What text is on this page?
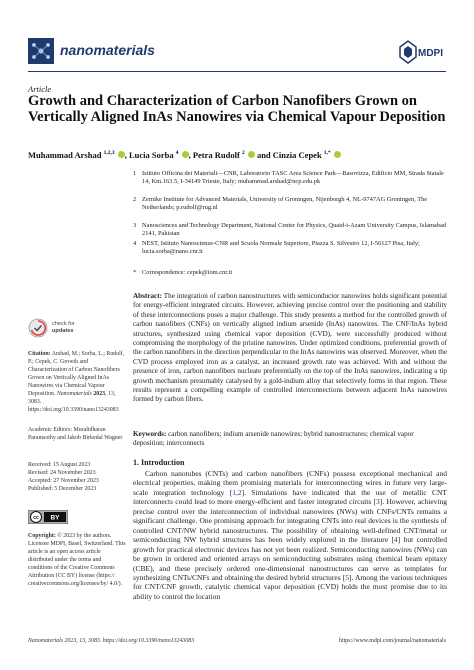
nanomaterials	MDPI
Article
Growth and Characterization of Carbon Nanofibers Grown on Vertically Aligned InAs Nanowires via Chemical Vapour Deposition
Muhammad Arshad $^{1,2,3}$ , Lucia Sorba $^4$ , Petra Rudolf $^2$  and Cinzia Cepek $^{1,*}$
1 Istituto Officina dei Materiali—CNR, Laboratorio TASC Area Science Park—Basovizza, Edificio MM, Strada Statale 14, Km.163.5, I-34149 Trieste, Italy; muhammad.arshad@ncp.edu.pk
2 Zernike Institute for Advanced Materials, University of Groningen, Nijenborgh 4, NL-9747AG Groningen, The Netherlands; p.rudolf@rug.nl
3 Nanosciences and Technology Department, National Center for Physics, Quaid-i-Azam University Campus, Islamabad 2141, Pakistan
4 NEST, Istituto Nanoscienze-CNR and Scuola Normale Superiore, Piazza S. Silvestro 12, I-56127 Pisa, Italy; lucia.sorba@nano.cnr.it
* Correspondence: cepek@iom.cnr.it
Abstract: The integration of carbon nanostructures with semiconductor nanowires holds significant potential for energy-efficient integrated circuits. However, achieving precise control over the positioning and stability of these interconnections poses a major challenge. This study presents a method for the controlled growth of carbon nanofibers (CNFs) on vertically aligned indium arsenide (InAs) nanowires. The CNF/InAs hybrid structures, synthesized using chemical vapor deposition (CVD), were successfully produced without compromising the morphology of the pristine nanowires. Under optimized conditions, preferential growth of the carbon nanofibers in the direction perpendicular to the InAs nanowires was observed. Moreover, when the CVD process employed iron as a catalyst, an increased growth rate was achieved. With and without the presence of iron, carbon nanofibers nucleate preferentially on the top of the InAs nanowires, indicating a tip growth mechanism presumably catalysed by a gold-indium alloy that selectively forms in that region. These results represent a compelling example of controlled interconnections between adjacent InAs nanowires formed by carbon fibers.
Keywords: carbon nanofibers; indium arsenide nanowires; hybrid nanostructures; chemical vapor deposition; interconnects
1. Introduction
Carbon nanotubes (CNTs) and carbon nanofibers (CNFs) possess exceptional mechanical and electrical properties, making them promising materials for interconnecting wires in future very large-scale integration technology [1,2]. Simulations have indicated that the use of metallic CNT interconnects could lead to more energy-efficient and faster integrated circuits [3]. However, achieving precise control over the interconnection of individual nanowires (NWs) with CNFs/CNTs remains a significant challenge. One promising approach for integrating CNTs into real devices is the synthesis of controlled CNT/NW hybrid nanostructures. The possibility of obtaining well-defined CNT/metal or semiconducting NW hybrid structures has been widely explored in the literature [4] but controlled growth for practical electronic devices has not yet been realized. Semiconducting nanowires (NWs) can be grown in ordered and oriented arrays on semiconducting substrates using chemical beam epitaxy (CBE), and these precisely ordered one-dimensional nanostructures can serve as templates for synthesizing CNTs/CNFs and obtaining the desired hybrid structures [5]. Among the various techniques for CNT/CNF growth, catalytic chemical vapor deposition (CVD) holds the most promise due to its ability to control the location
check for
updates
Citation: Arshad, M.; Sorba, L.; Rudolf, P.; Cepek, C. Growth and Characterization of Carbon Nanofibers Grown on Vertically Aligned InAs Nanowires via Chemical Vapour Deposition. Nanomaterials 2023, 13, 3083. https://doi.org/10.3390/nano13243083
Academic Editors: Muralidharan Paramsothy and Jakob Birkedal Wagner
Received: 15 August 2023
Revised: 24 November 2023
Accepted: 27 November 2023
Published: 5 December 2023
cc BY
Copyright: © 2023 by the authors. Licensee MDPI, Basel, Switzerland. This article is an open access article distributed under the terms and conditions of the Creative Commons Attribution (CC BY) license (https:// creativecommons.org/licenses/by/ 4.0/).
Nanomaterials 2023, 13, 3083. https://doi.org/10.3390/nano13243083	https://www.mdpi.com/journal/nanomaterials
